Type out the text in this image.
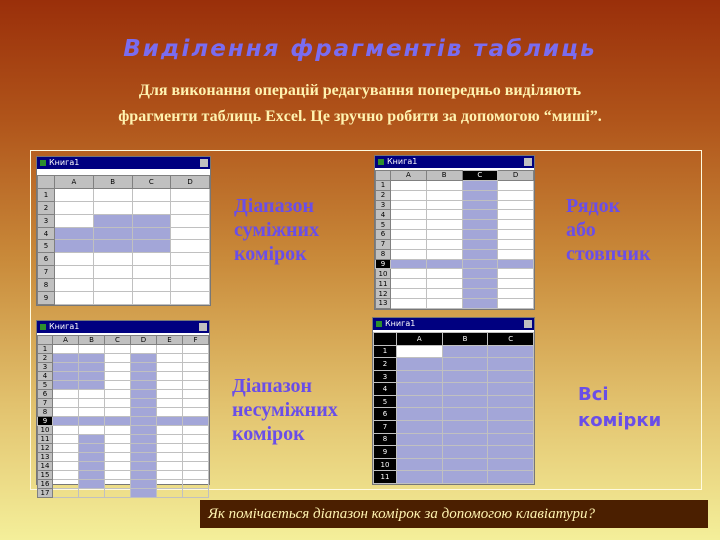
Виділення фрагментів таблиць
Для виконання операцій редагування попередньо виділяють
фрагменти таблиць Excel. Це зручно робити за допомогою “миші”.
Книга1
	A	B	C	D
1				
2				
3				
4				
5				
6				
7				
8				
9				
Книга1
	A	B	C	D
1				
2				
3				
4				
5				
6				
7				
8				
9				
10				
11				
12				
13				
Книга1
	A	B	C	D	E	F
1						
2						
3						
4						
5						
6						
7						
8						
9						
10						
11						
12						
13						
14						
15						
16						
17						
Книга1
	A	B	C
1			
2			
3			
4			
5			
6			
7			
8			
9			
10			
11			
Діапазон
суміжних
комірок
Рядок
або
стовпчик
Діапазон
несуміжних
комірок
Всі
комірки
Як помічається діапазон комірок за допомогою клавіатури?
